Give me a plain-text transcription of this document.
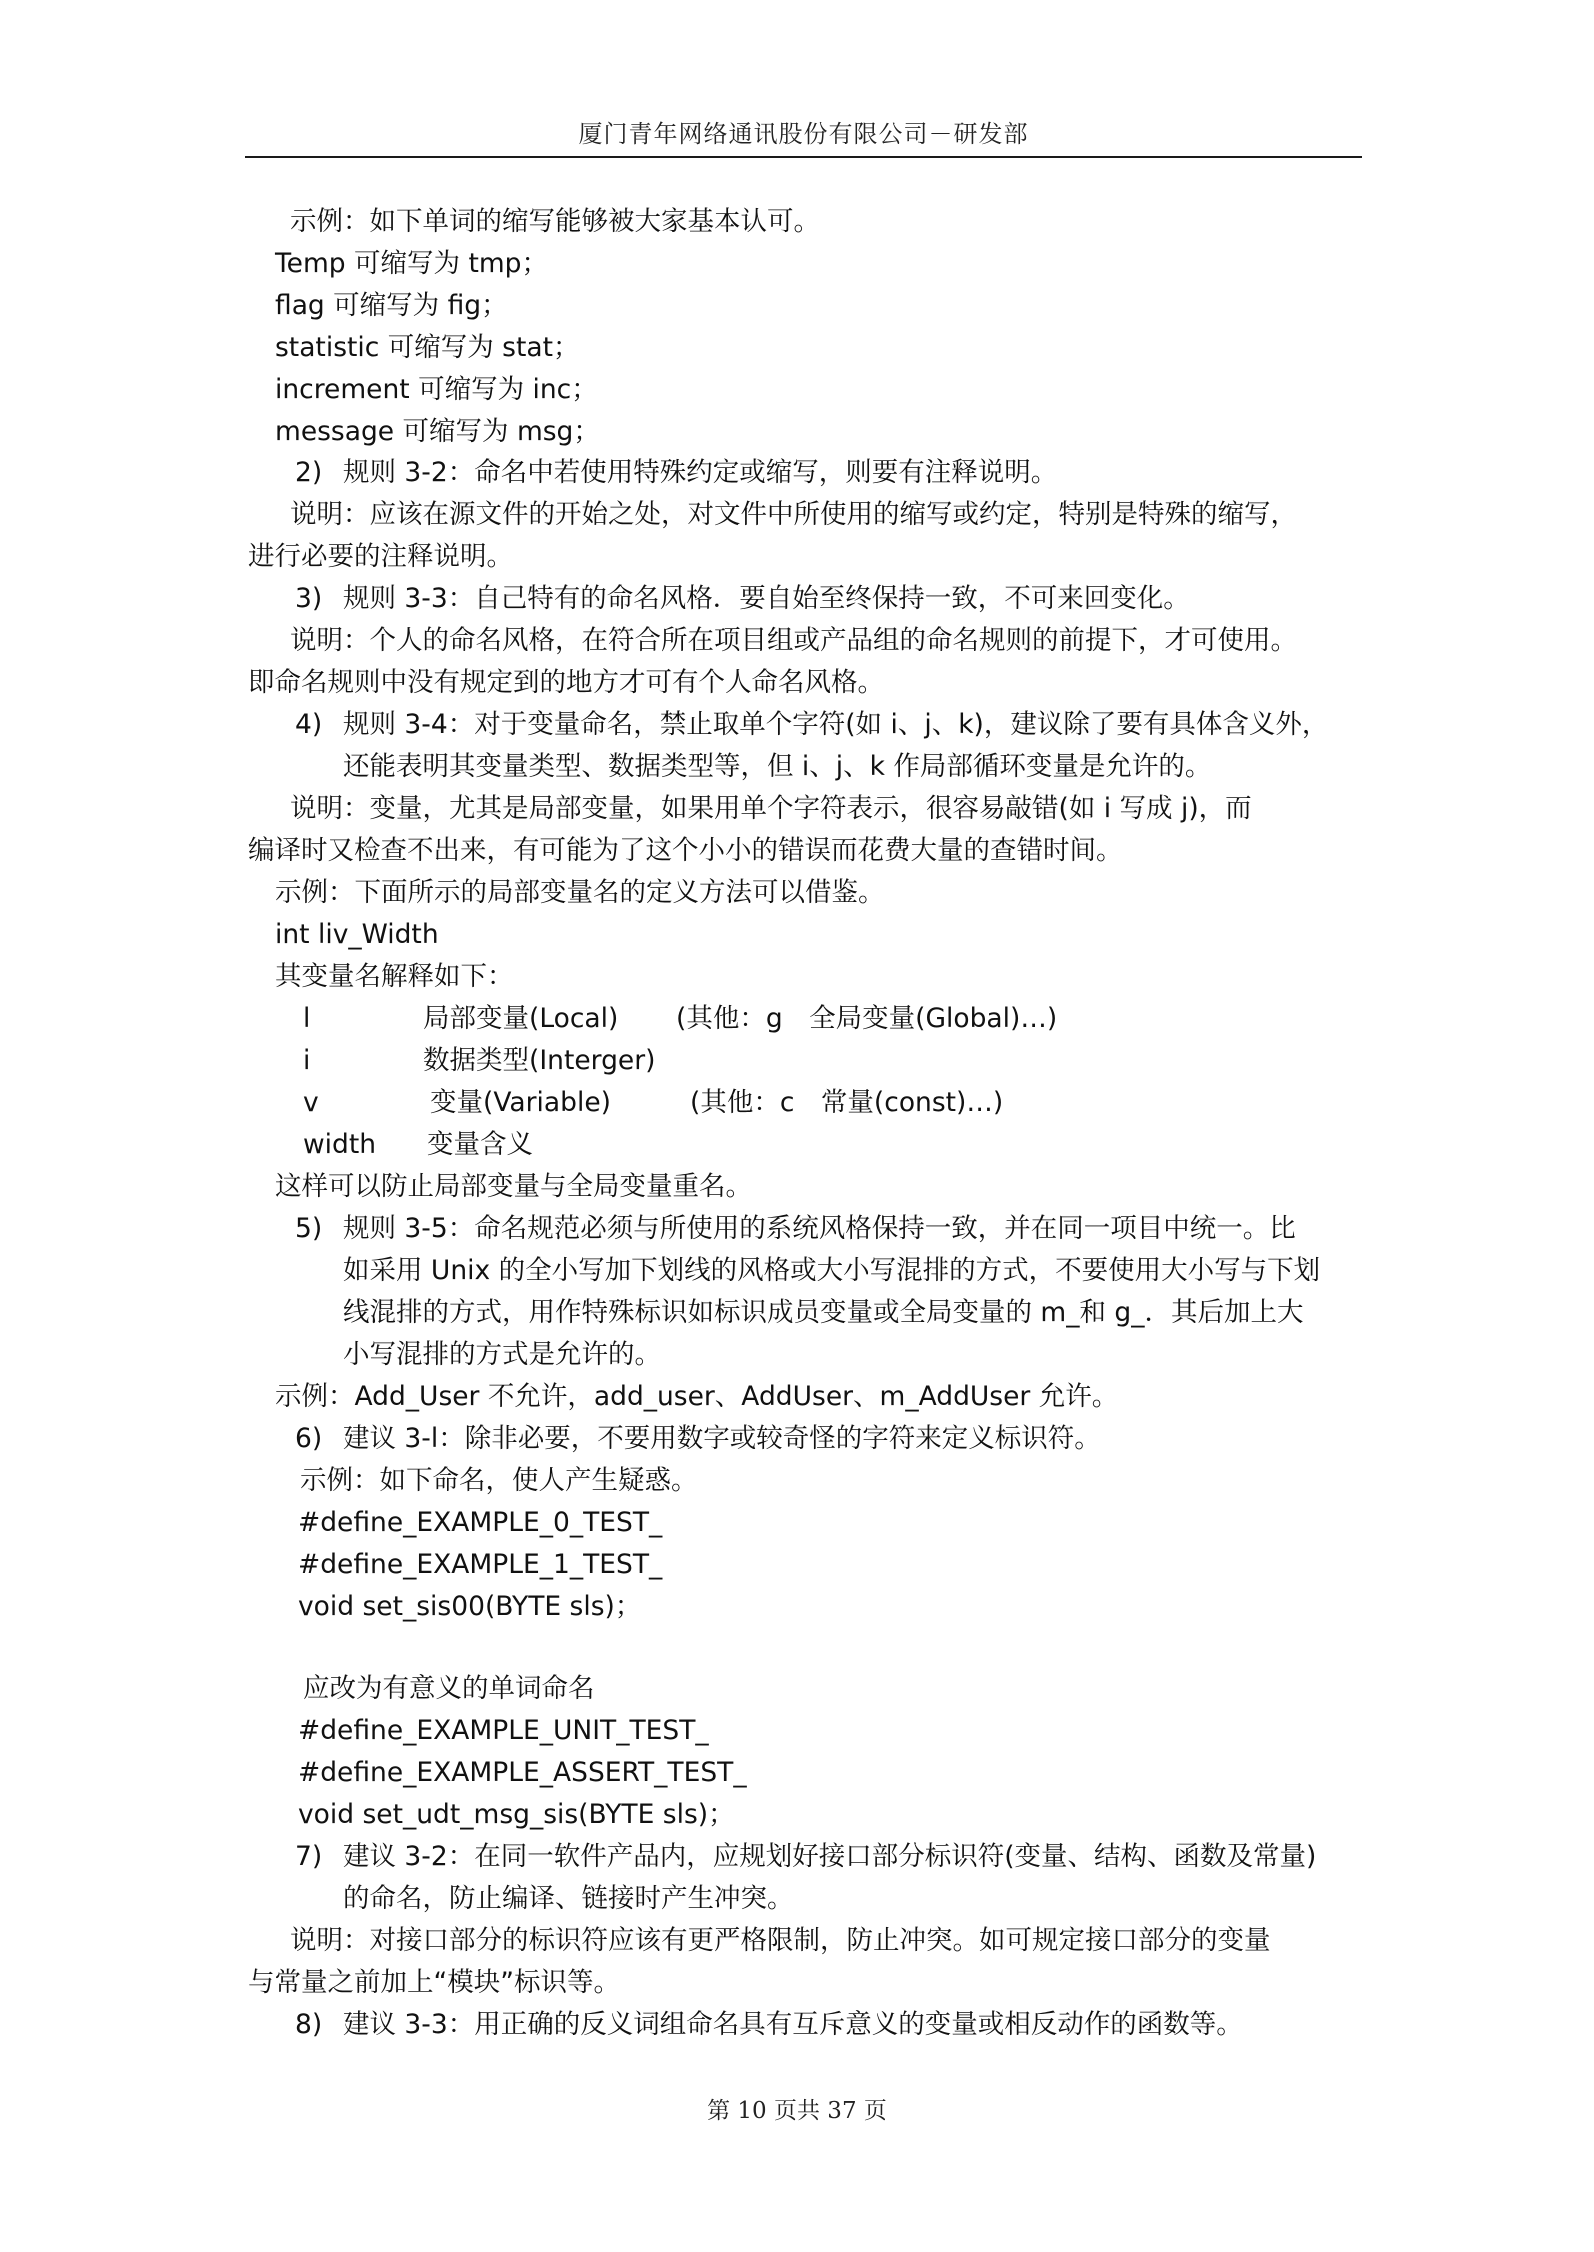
厦门青年网络通讯股份有限公司－研发部
示例：如下单词的缩写能够被大家基本认可。
Temp 可缩写为 tmp；
flag 可缩写为 fig；
statistic 可缩写为 stat；
increment 可缩写为 inc；
message 可缩写为 msg；
2) 规则 3-2：命名中若使用特殊约定或缩写，则要有注释说明。
说明：应该在源文件的开始之处，对文件中所使用的缩写或约定，特别是特殊的缩写，
进行必要的注释说明。
3) 规则 3-3：自己特有的命名风格．要自始至终保持一致，不可来回变化。
说明：个人的命名风格，在符合所在项目组或产品组的命名规则的前提下，才可使用。
即命名规则中没有规定到的地方才可有个人命名风格。
4) 规则 3-4：对于变量命名，禁止取单个字符(如 i、j、k)，建议除了要有具体含义外，
还能表明其变量类型、数据类型等，但 i、j、k 作局部循环变量是允许的。
说明：变量，尤其是局部变量，如果用单个字符表示，很容易敲错(如 i 写成 j)，而
编译时又检查不出来，有可能为了这个小小的错误而花费大量的查错时间。
示例：下面所示的局部变量名的定义方法可以借鉴。
int liv_Width
其变量名解释如下：
l	局部变量(Local) (其他：g　全局变量(Global)…)
i	数据类型(Interger)
v	变量(Variable)	(其他：c　常量(const)…)
width 变量含义
这样可以防止局部变量与全局变量重名。
5) 规则 3-5：命名规范必须与所使用的系统风格保持一致，并在同一项目中统一。比
如采用 Unix 的全小写加下划线的风格或大小写混排的方式，不要使用大小写与下划
线混排的方式，用作特殊标识如标识成员变量或全局变量的 m_和 g_．其后加上大
小写混排的方式是允许的。
示例：Add_User 不允许，add_user、AddUser、m_AddUser 允许。
6) 建议 3-l：除非必要，不要用数字或较奇怪的字符来定义标识符。
示例：如下命名，使人产生疑惑。
#define_EXAMPLE_0_TEST_
#define_EXAMPLE_1_TEST_
void set_sis00(BYTE sls)；
应改为有意义的单词命名
#define_EXAMPLE_UNIT_TEST_
#define_EXAMPLE_ASSERT_TEST_
void set_udt_msg_sis(BYTE sls)；
7) 建议 3-2：在同一软件产品内，应规划好接口部分标识符(变量、结构、函数及常量)
的命名，防止编译、链接时产生冲突。
说明：对接口部分的标识符应该有更严格限制，防止冲突。如可规定接口部分的变量
与常量之前加上“模块”标识等。
8) 建议 3-3：用正确的反义词组命名具有互斥意义的变量或相反动作的函数等。
第 10 页共 37 页
